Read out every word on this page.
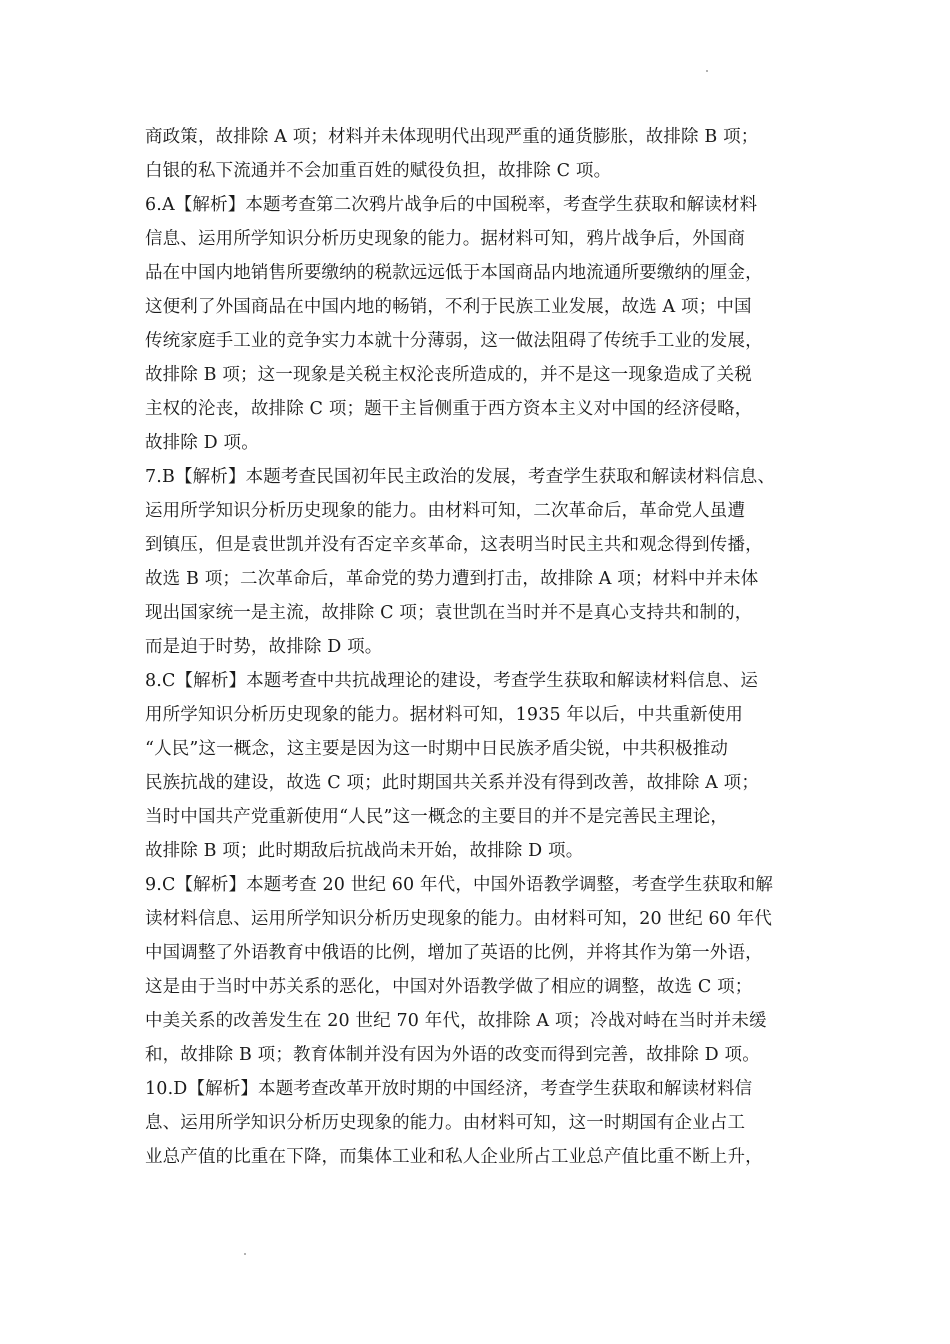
商政策，故排除 A 项；材料并未体现明代出现严重的通货膨胀，故排除 B 项；
白银的私下流通并不会加重百姓的赋役负担，故排除 C 项。
6.A【解析】本题考查第二次鸦片战争后的中国税率，考查学生获取和解读材料
信息、运用所学知识分析历史现象的能力。据材料可知，鸦片战争后，外国商
品在中国内地销售所要缴纳的税款远远低于本国商品内地流通所要缴纳的厘金，
这便利了外国商品在中国内地的畅销，不利于民族工业发展，故选 A 项；中国
传统家庭手工业的竞争实力本就十分薄弱，这一做法阻碍了传统手工业的发展，
故排除 B 项；这一现象是关税主权沦丧所造成的，并不是这一现象造成了关税
主权的沦丧，故排除 C 项；题干主旨侧重于西方资本主义对中国的经济侵略，
故排除 D 项。
7.B【解析】本题考查民国初年民主政治的发展，考查学生获取和解读材料信息、
运用所学知识分析历史现象的能力。由材料可知，二次革命后，革命党人虽遭
到镇压，但是袁世凯并没有否定辛亥革命，这表明当时民主共和观念得到传播，
故选 B 项；二次革命后，革命党的势力遭到打击，故排除 A 项；材料中并未体
现出国家统一是主流，故排除 C 项；袁世凯在当时并不是真心支持共和制的，
而是迫于时势，故排除 D 项。
8.C【解析】本题考查中共抗战理论的建设，考查学生获取和解读材料信息、运
用所学知识分析历史现象的能力。据材料可知，1935 年以后，中共重新使用
“人民”这一概念，这主要是因为这一时期中日民族矛盾尖锐，中共积极推动
民族抗战的建设，故选 C 项；此时期国共关系并没有得到改善，故排除 A 项；
当时中国共产党重新使用“人民”这一概念的主要目的并不是完善民主理论，
故排除 B 项；此时期敌后抗战尚未开始，故排除 D 项。
9.C【解析】本题考查 20 世纪 60 年代，中国外语教学调整，考查学生获取和解
读材料信息、运用所学知识分析历史现象的能力。由材料可知，20 世纪 60 年代
中国调整了外语教育中俄语的比例，增加了英语的比例，并将其作为第一外语，
这是由于当时中苏关系的恶化，中国对外语教学做了相应的调整，故选 C 项；
中美关系的改善发生在 20 世纪 70 年代，故排除 A 项；冷战对峙在当时并未缓
和，故排除 B 项；教育体制并没有因为外语的改变而得到完善，故排除 D 项。
10.D【解析】本题考查改革开放时期的中国经济，考查学生获取和解读材料信
息、运用所学知识分析历史现象的能力。由材料可知，这一时期国有企业占工
业总产值的比重在下降，而集体工业和私人企业所占工业总产值比重不断上升，
